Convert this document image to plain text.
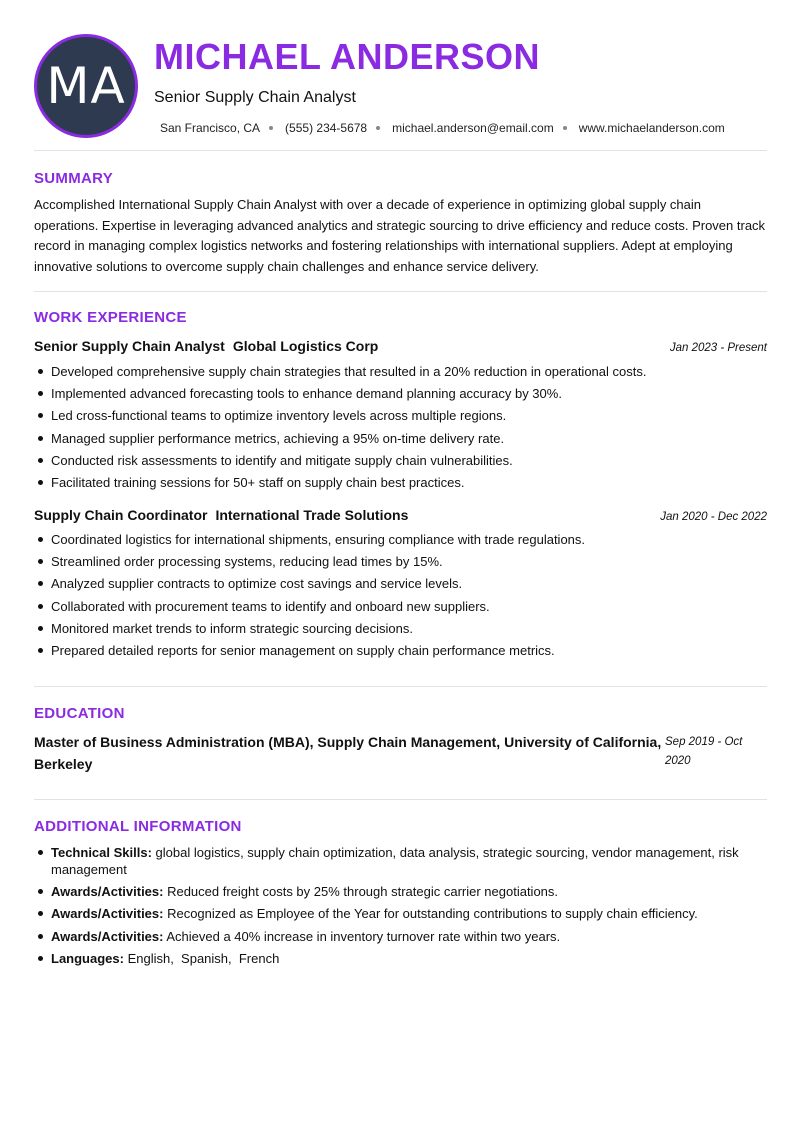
MA
MICHAEL ANDERSON
Senior Supply Chain Analyst
San Francisco, CA (555) 234-5678 michael.anderson@email.com www.michaelanderson.com
SUMMARY
Accomplished International Supply Chain Analyst with over a decade of experience in optimizing global supply chain operations. Expertise in leveraging advanced analytics and strategic sourcing to drive efficiency and reduce costs. Proven track record in managing complex logistics networks and fostering relationships with international suppliers. Adept at employing innovative solutions to overcome supply chain challenges and enhance service delivery.
WORK EXPERIENCE
Senior Supply Chain Analyst Global Logistics Corp	Jan 2023 - Present
Developed comprehensive supply chain strategies that resulted in a 20% reduction in operational costs.
Implemented advanced forecasting tools to enhance demand planning accuracy by 30%.
Led cross-functional teams to optimize inventory levels across multiple regions.
Managed supplier performance metrics, achieving a 95% on-time delivery rate.
Conducted risk assessments to identify and mitigate supply chain vulnerabilities.
Facilitated training sessions for 50+ staff on supply chain best practices.
Supply Chain Coordinator International Trade Solutions	Jan 2020 - Dec 2022
Coordinated logistics for international shipments, ensuring compliance with trade regulations.
Streamlined order processing systems, reducing lead times by 15%.
Analyzed supplier contracts to optimize cost savings and service levels.
Collaborated with procurement teams to identify and onboard new suppliers.
Monitored market trends to inform strategic sourcing decisions.
Prepared detailed reports for senior management on supply chain performance metrics.
EDUCATION
Master of Business Administration (MBA), Supply Chain Management, University of California, Berkeley
Sep 2019 - Oct 2020
ADDITIONAL INFORMATION
Technical Skills: global logistics, supply chain optimization, data analysis, strategic sourcing, vendor management, risk management
Awards/Activities: Reduced freight costs by 25% through strategic carrier negotiations.
Awards/Activities: Recognized as Employee of the Year for outstanding contributions to supply chain efficiency.
Awards/Activities: Achieved a 40% increase in inventory turnover rate within two years.
Languages: English,  Spanish,  French
